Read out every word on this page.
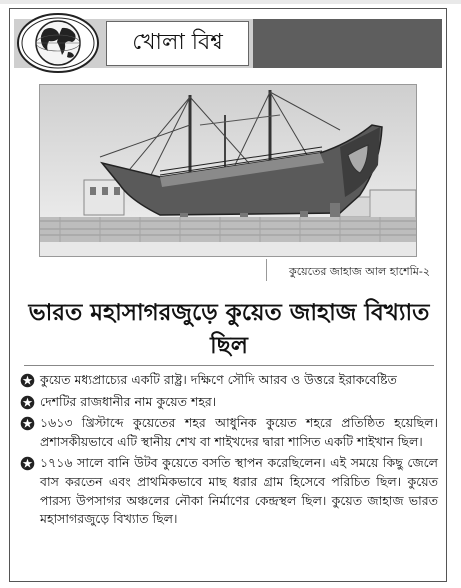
খোলা বিশ্ব
কুয়েতের জাহাজ আল হাশেমি-২
ভারত মহাসাগরজুড়ে কুয়েত জাহাজ বিখ্যাত ছিল
কুয়েত মধ্যপ্রাচ্যের একটি রাষ্ট্র। দক্ষিণে সৌদি আরব ও উত্তরে ইরাকবেষ্টিত
দেশটির রাজধানীর নাম কুয়েত শহর।
১৬১৩ খ্রিস্টাব্দে কুয়েতের শহর আধুনিক কুয়েত শহরে প্রতিষ্ঠিত হয়েছিল। প্রশাসকীয়ভাবে এটি স্থানীয় শেখ বা শাইখদের দ্বারা শাসিত একটি শাইখান ছিল।
১৭১৬ সালে বানি উটব কুয়েতে বসতি স্থাপন করেছিলেন। এই সময়ে কিছু জেলে বাস করতেন এবং প্রাথমিকভাবে মাছ ধরার গ্রাম হিসেবে পরিচিত ছিল। কুয়েত পারস্য উপসাগর অঞ্চলের নৌকা নির্মাণের কেন্দ্রস্থল ছিল। কুয়েত জাহাজ ভারত মহাসাগরজুড়ে বিখ্যাত ছিল।
